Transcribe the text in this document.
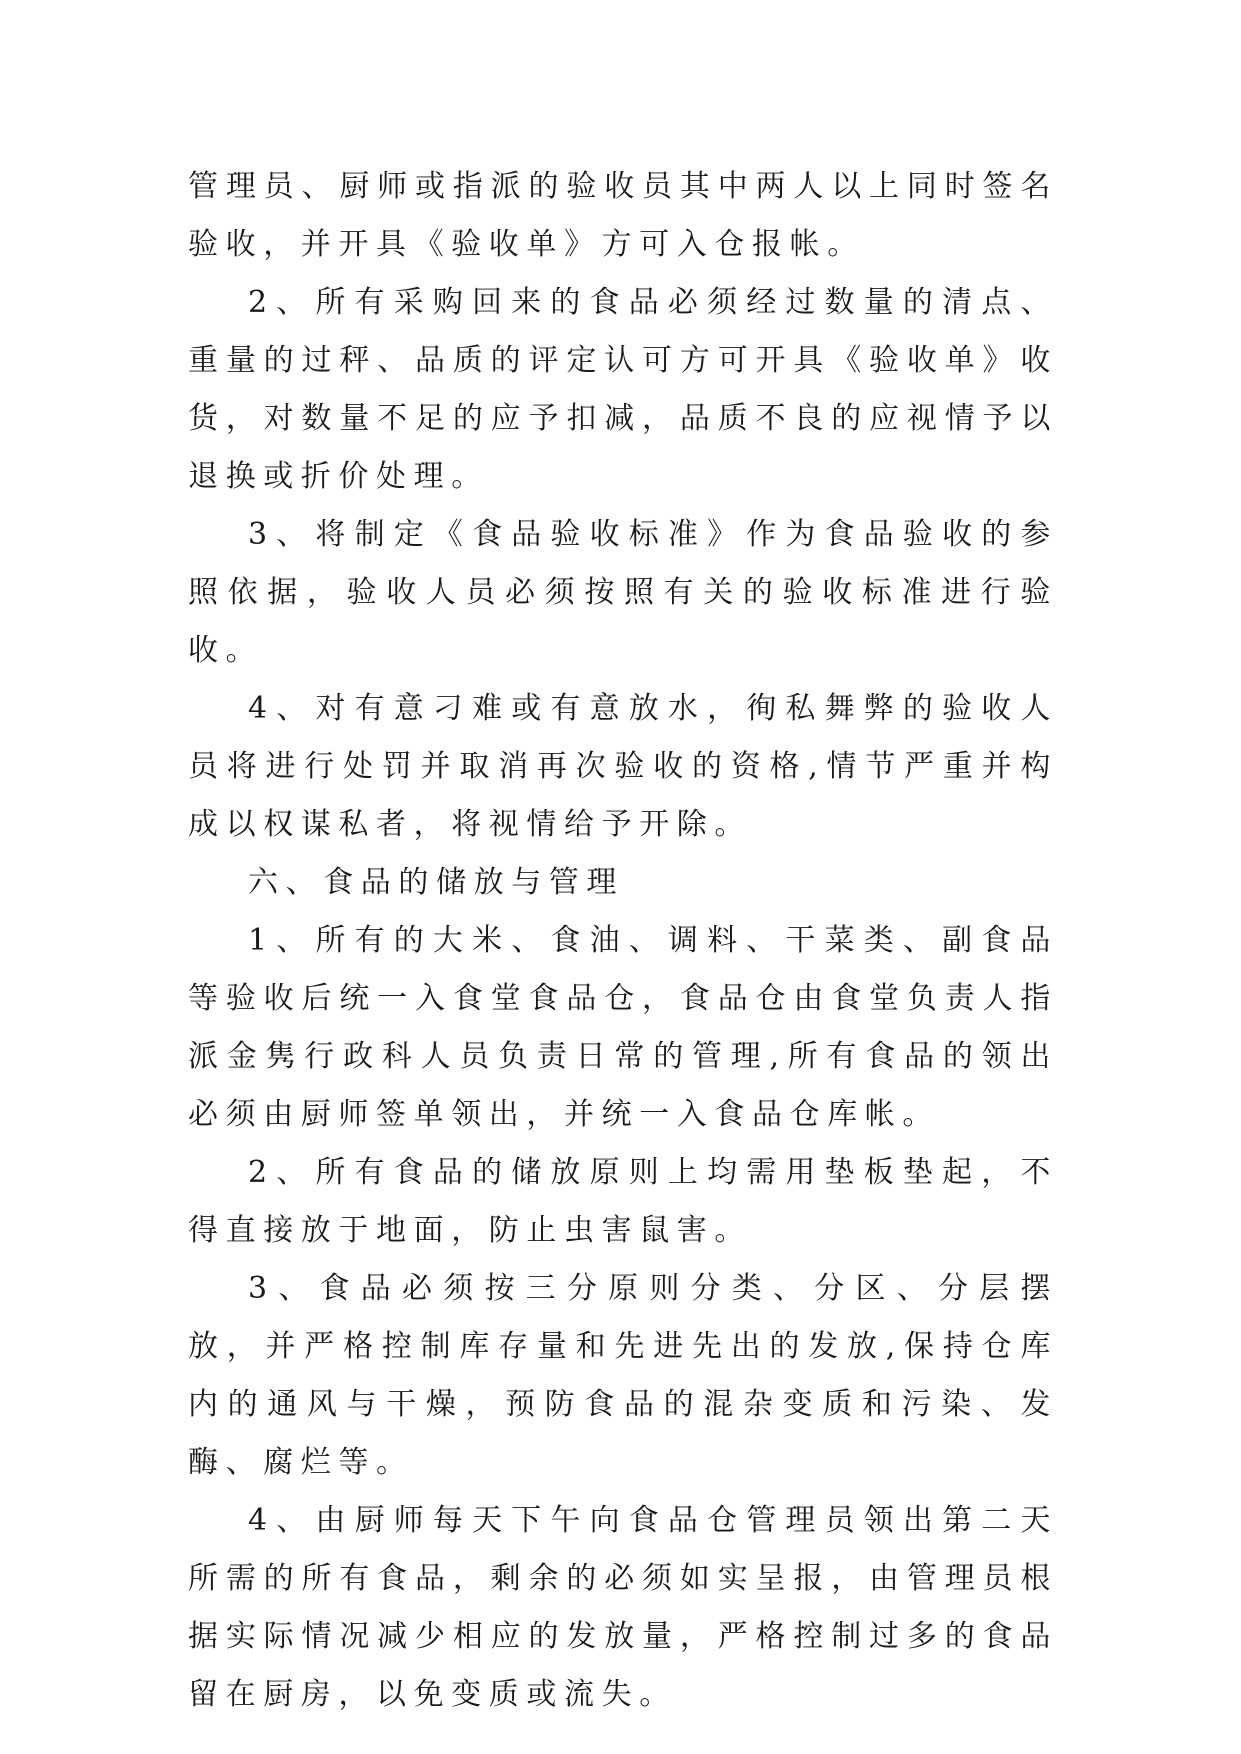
管理员、厨师或指派的验收员其中两人以上同时签名验收，并开具《验收单》方可入仓报帐。

2、所有采购回来的食品必须经过数量的清点、重量的过秤、品质的评定认可方可开具《验收单》收货，对数量不足的应予扣减，品质不良的应视情予以退换或折价处理。

3、将制定《食品验收标准》作为食品验收的参照依据，验收人员必须按照有关的验收标准进行验收。

4、对有意刁难或有意放水，徇私舞弊的验收人员将进行处罚并取消再次验收的资格,情节严重并构成以权谋私者，将视情给予开除。

六、食品的储放与管理

1、所有的大米、食油、调料、干菜类、副食品等验收后统一入食堂食品仓，食品仓由食堂负责人指派金隽行政科人员负责日常的管理,所有食品的领出必须由厨师签单领出，并统一入食品仓库帐。

2、所有食品的储放原则上均需用垫板垫起，不得直接放于地面，防止虫害鼠害。

3、食品必须按三分原则分类、分区、分层摆放，并严格控制库存量和先进先出的发放,保持仓库内的通风与干燥，预防食品的混杂变质和污染、发酶、腐烂等。

4、由厨师每天下午向食品仓管理员领出第二天所需的所有食品，剩余的必须如实呈报，由管理员根据实际情况减少相应的发放量，严格控制过多的食品留在厨房，以免变质或流失。
